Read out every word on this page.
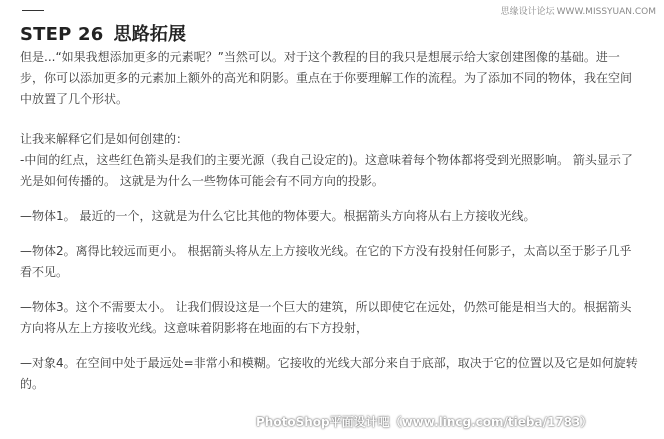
思缘设计论坛 WWW.MISSYUAN.COM
STEP 26 思路拓展

但是...“如果我想添加更多的元素呢？”当然可以。对于这个教程的目的我只是想展示给大家创建图像的基础。进一步，你可以添加更多的元素加上额外的高光和阴影。重点在于你要理解工作的流程。为了添加不同的物体，我在空间中放置了几个形状。

让我来解释它们是如何创建的：

-中间的红点，这些红色箭头是我们的主要光源（我自己设定的)。这意味着每个物体都将受到光照影响。 箭头显示了光是如何传播的。 这就是为什么一些物体可能会有不同方向的投影。

—物体1。 最近的一个，这就是为什么它比其他的物体要大。根据箭头方向将从右上方接收光线。

—物体2。离得比较远而更小。 根据箭头将从左上方接收光线。在它的下方没有投射任何影子，太高以至于影子几乎看不见。

—物体3。这个不需要太小。 让我们假设这是一个巨大的建筑，所以即使它在远处，仍然可能是相当大的。根据箭头方向将从左上方接收光线。这意味着阴影将在地面的右下方投射，

—对象4。在空间中处于最远处=非常小和模糊。它接收的光线大部分来自于底部，取决于它的位置以及它是如何旋转的。

PhotoShop平面设计吧（www.lincg.com/tieba/1783）
